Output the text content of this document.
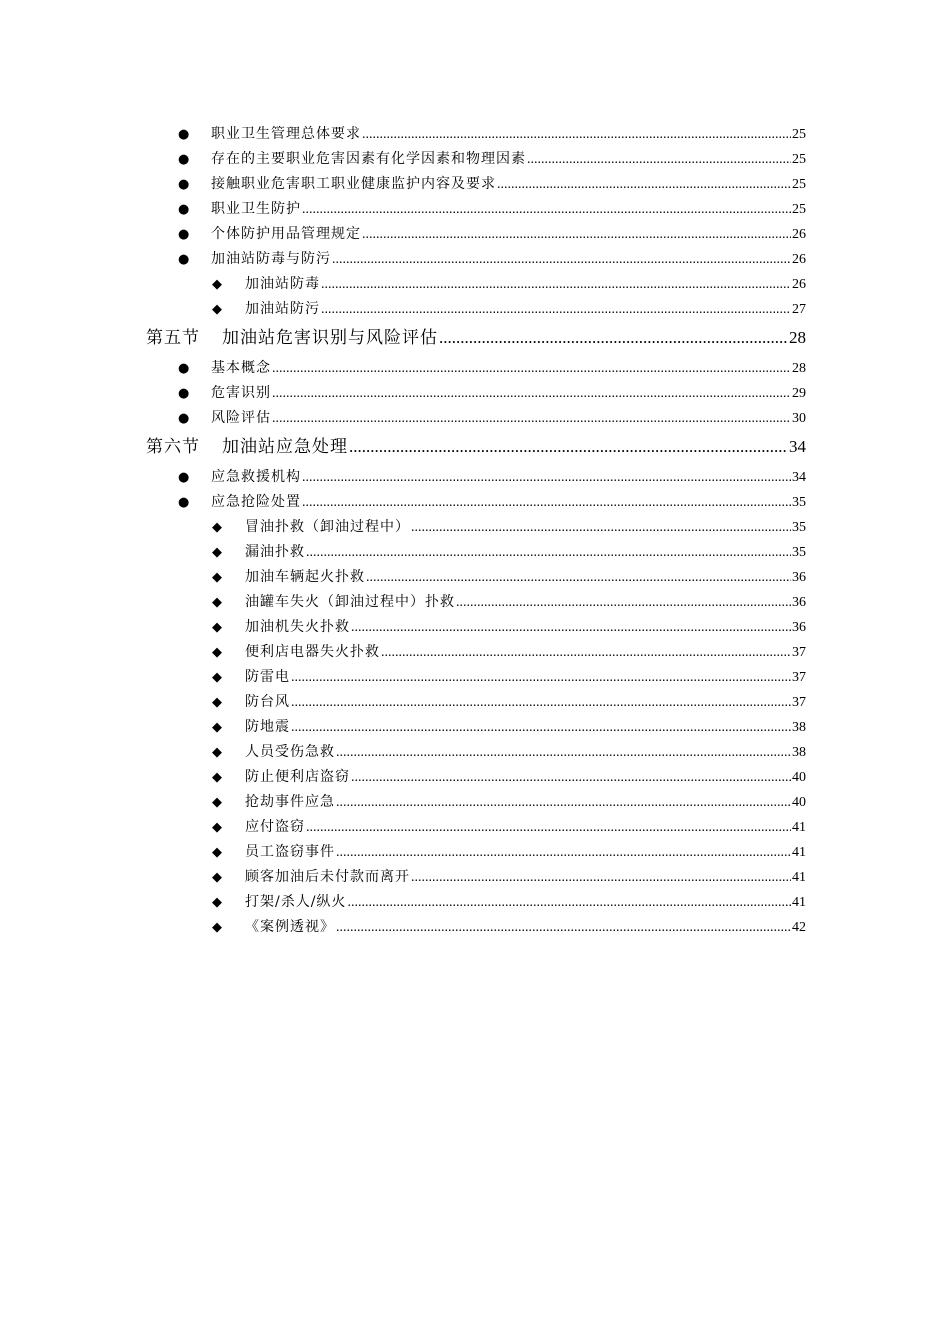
● 职业卫生管理总体要求 .....	25
● 存在的主要职业危害因素有化学因素和物理因素 .....	25
● 接触职业危害职工职业健康监护内容及要求 .....	25
● 职业卫生防护 .....	25
● 个体防护用品管理规定 .....	26
● 加油站防毒与防污 .....	26
◆ 加油站防毒 .....	26
◆ 加油站防污 .....	27
第五节 加油站危害识别与风险评估 .....	28
● 基本概念 .....	28
● 危害识别 .....	29
● 风险评估 .....	30
第六节 加油站应急处理 .....	34
● 应急救援机构 .....	34
● 应急抢险处置 .....	35
◆ 冒油扑救（卸油过程中） .....	35
◆ 漏油扑救 .....	35
◆ 加油车辆起火扑救 .....	36
◆ 油罐车失火（卸油过程中）扑救 .....	36
◆ 加油机失火扑救 .....	36
◆ 便利店电器失火扑救 .....	37
◆ 防雷电 .....	37
◆ 防台风 .....	37
◆ 防地震 .....	38
◆ 人员受伤急救 .....	38
◆ 防止便利店盗窃 .....	40
◆ 抢劫事件应急 .....	40
◆ 应付盗窃 .....	41
◆ 员工盗窃事件 .....	41
◆ 顾客加油后未付款而离开 .....	41
◆ 打架/杀人/纵火 .....	41
◆ 《案例透视》 .....	42
